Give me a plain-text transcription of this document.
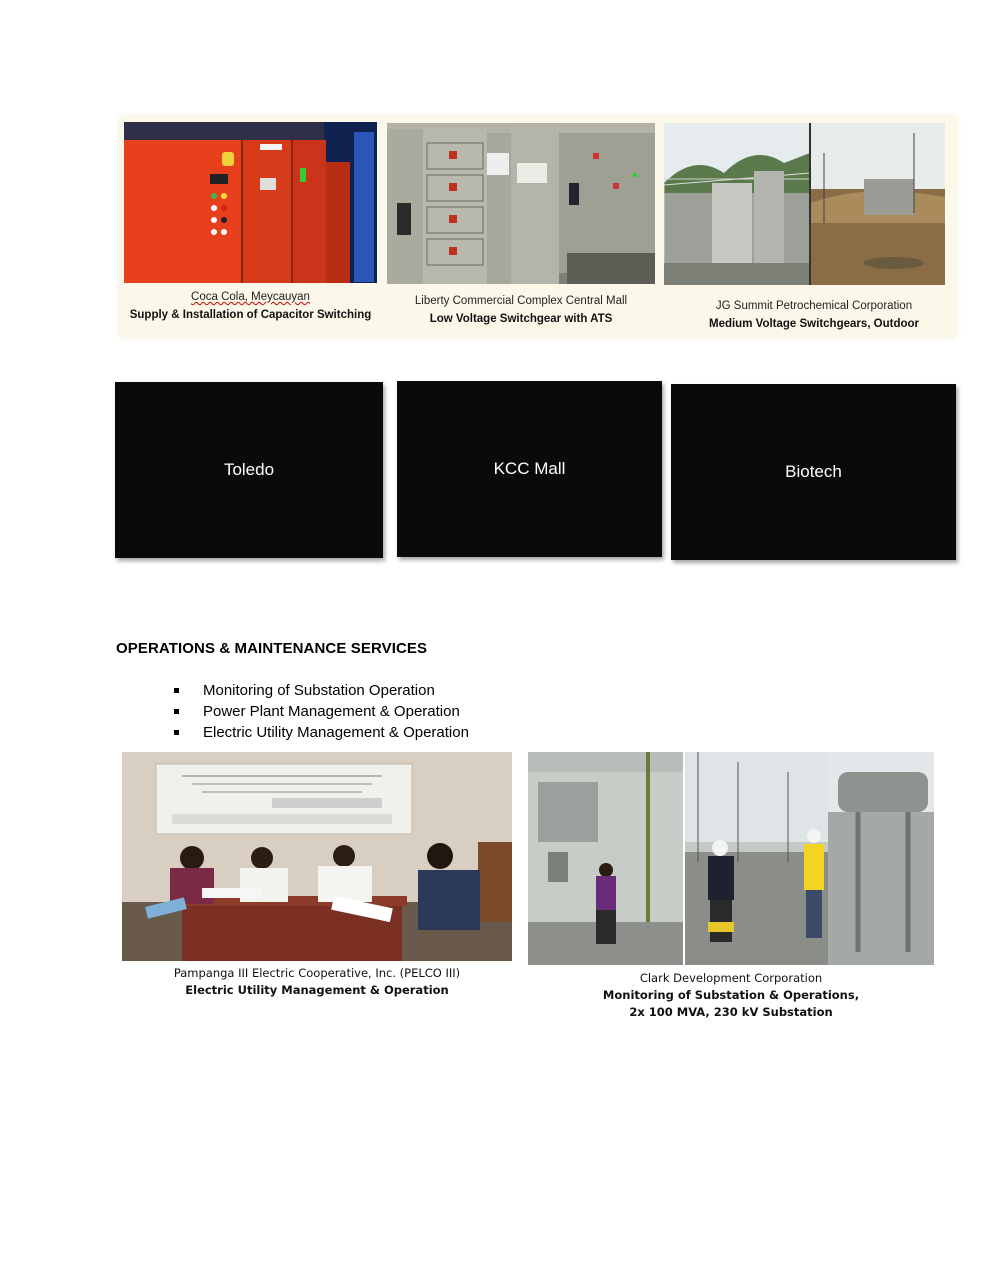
Coca Cola, Meycauyan
Supply & Installation of Capacitor Switching
Liberty Commercial Complex Central Mall
Low Voltage Switchgear with ATS
JG Summit Petrochemical Corporation
Medium Voltage Switchgears, Outdoor
Toledo	KCC Mall	Biotech
OPERATIONS & MAINTENANCE SERVICES
Monitoring of Substation Operation
Power Plant Management & Operation
Electric Utility Management & Operation
Pampanga III Electric Cooperative, Inc. (PELCO III)
Electric Utility Management & Operation
Clark Development Corporation
Monitoring of Substation & Operations,
2x 100 MVA, 230 kV Substation
